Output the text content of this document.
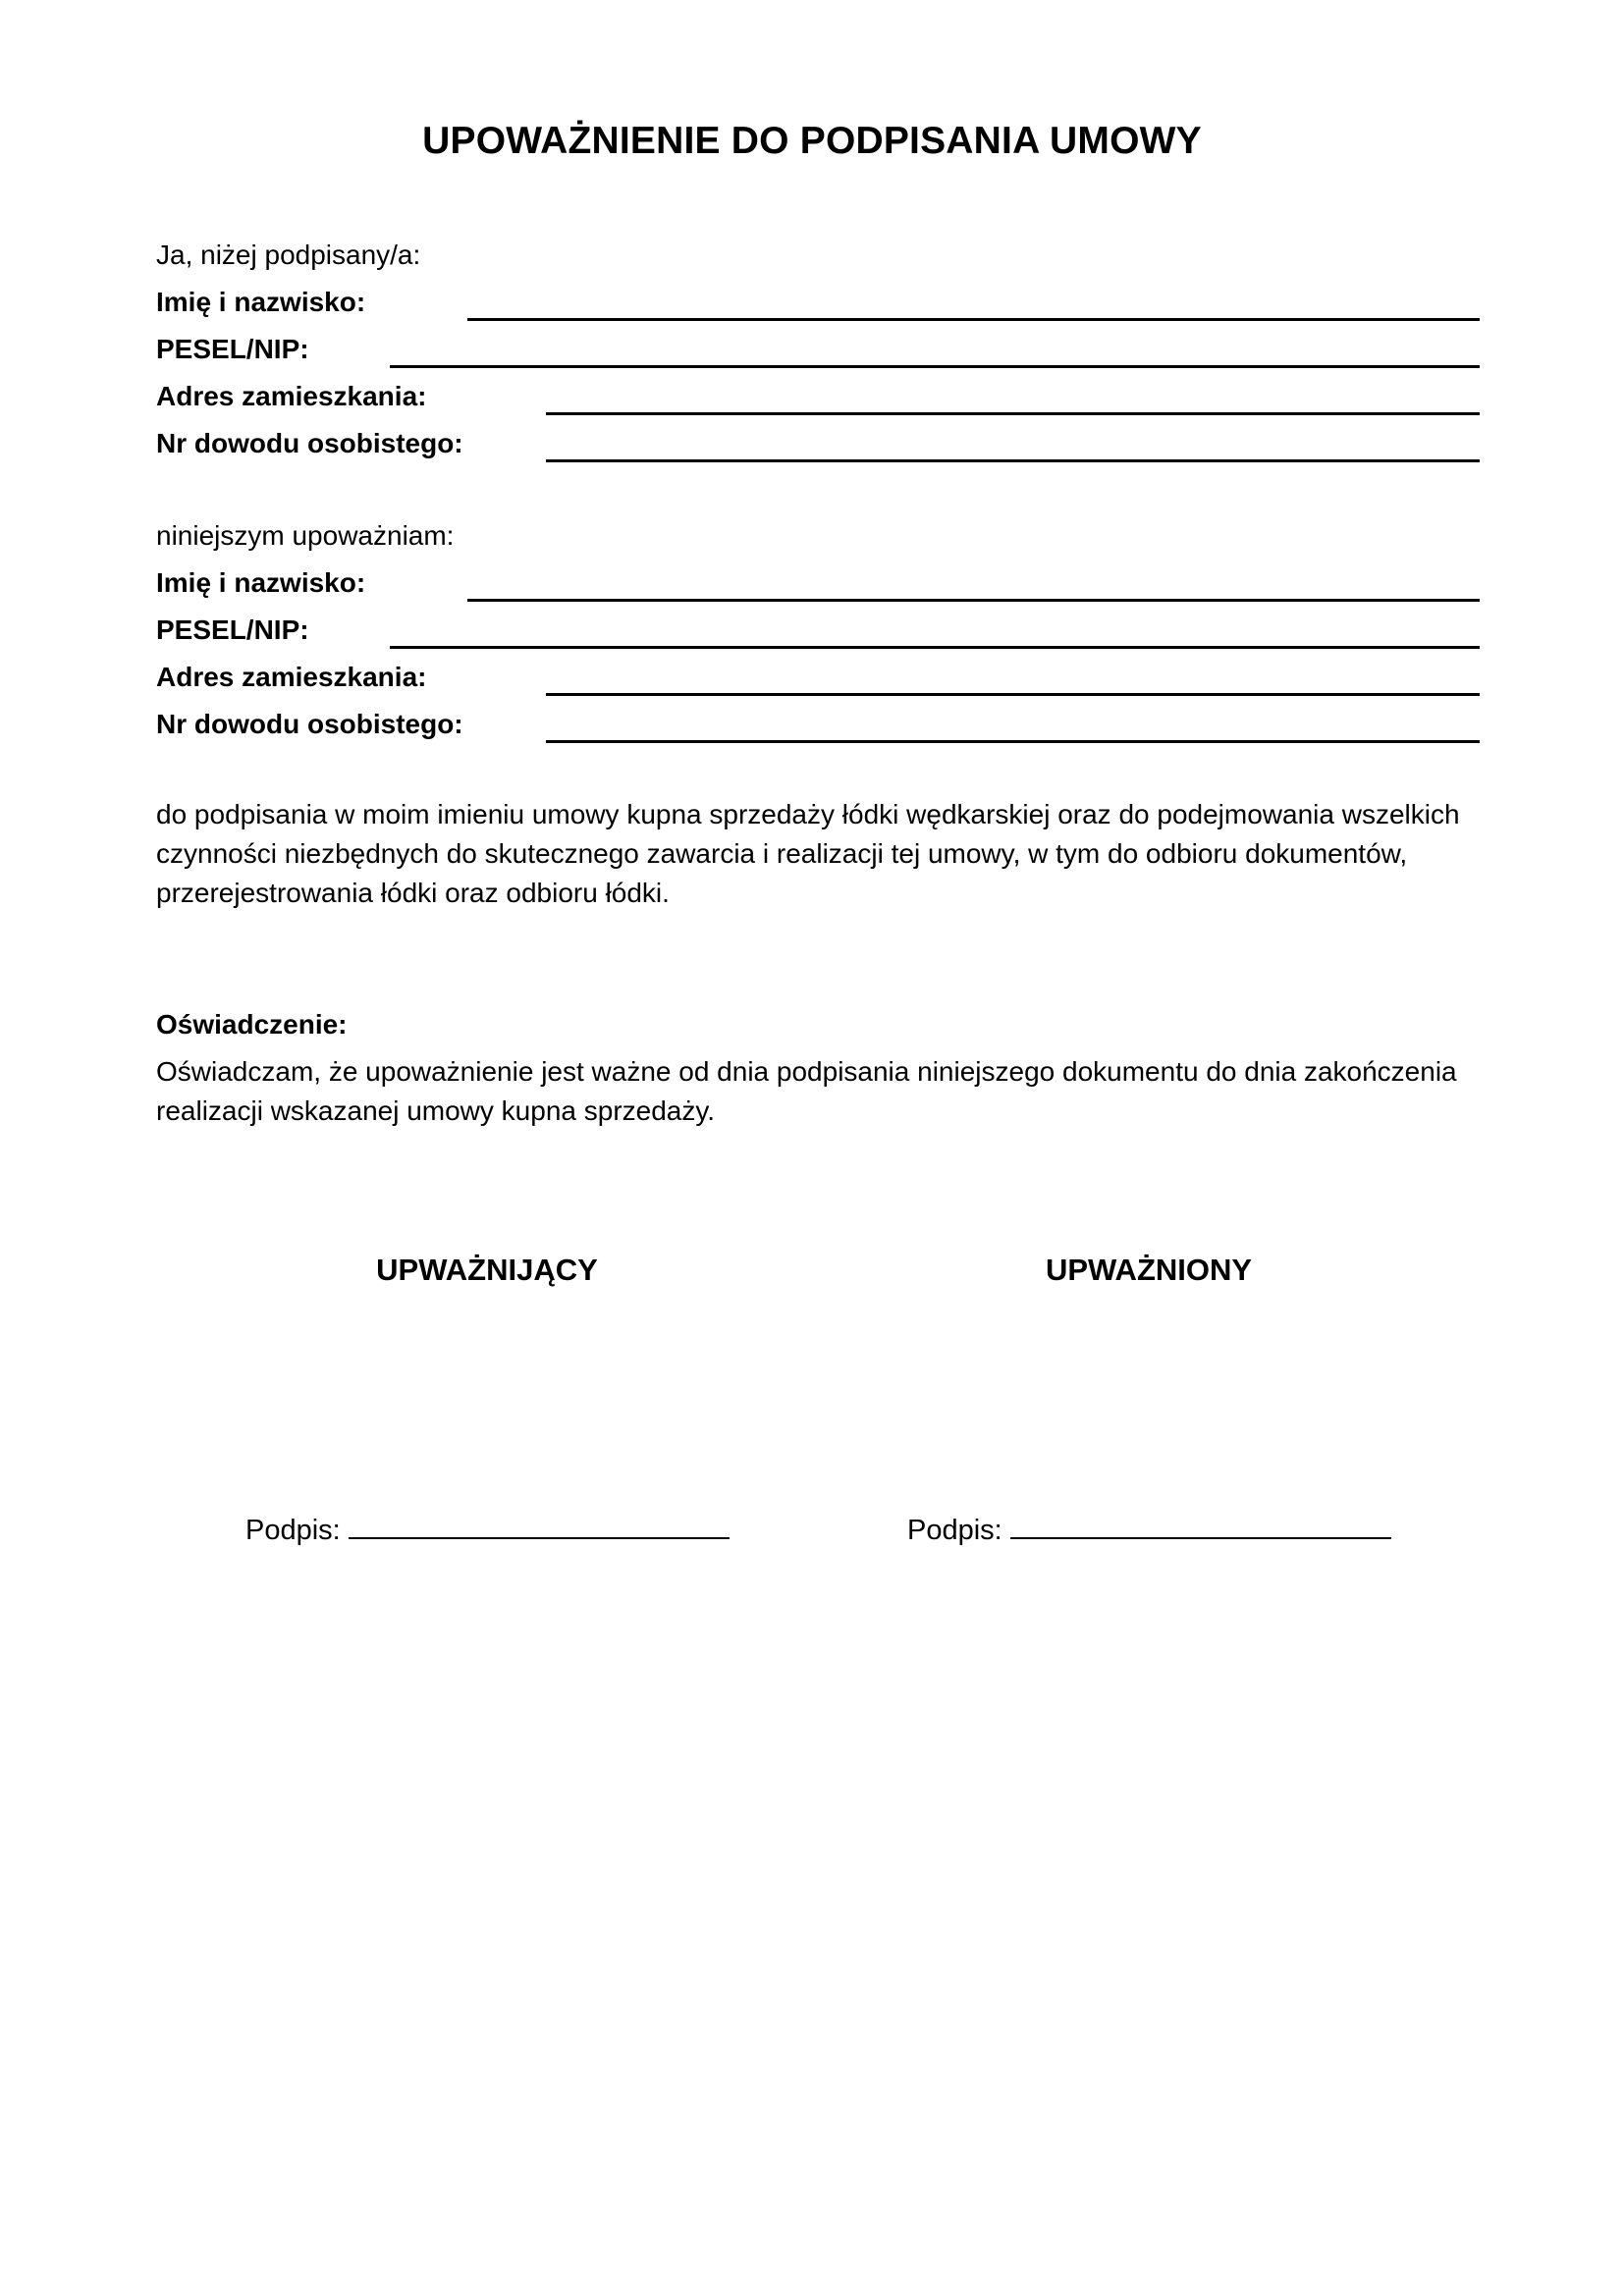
UPOWAŻNIENIE DO PODPISANIA UMOWY
Ja, niżej podpisany/a:
Imię i nazwisko:
PESEL/NIP:
Adres zamieszkania:
Nr dowodu osobistego:
niniejszym upoważniam:
Imię i nazwisko:
PESEL/NIP:
Adres zamieszkania:
Nr dowodu osobistego:
do podpisania w moim imieniu umowy kupna sprzedaży łódki wędkarskiej oraz do podejmowania wszelkich czynności niezbędnych do skutecznego zawarcia i realizacji tej umowy, w tym do odbioru dokumentów, przerejestrowania łódki oraz odbioru łódki.
Oświadczenie:
Oświadczam, że upoważnienie jest ważne od dnia podpisania niniejszego dokumentu do dnia zakończenia realizacji wskazanej umowy kupna sprzedaży.
UPWAŻNIJĄCY	UPWAŻNIONY
Podpis:	Podpis:
